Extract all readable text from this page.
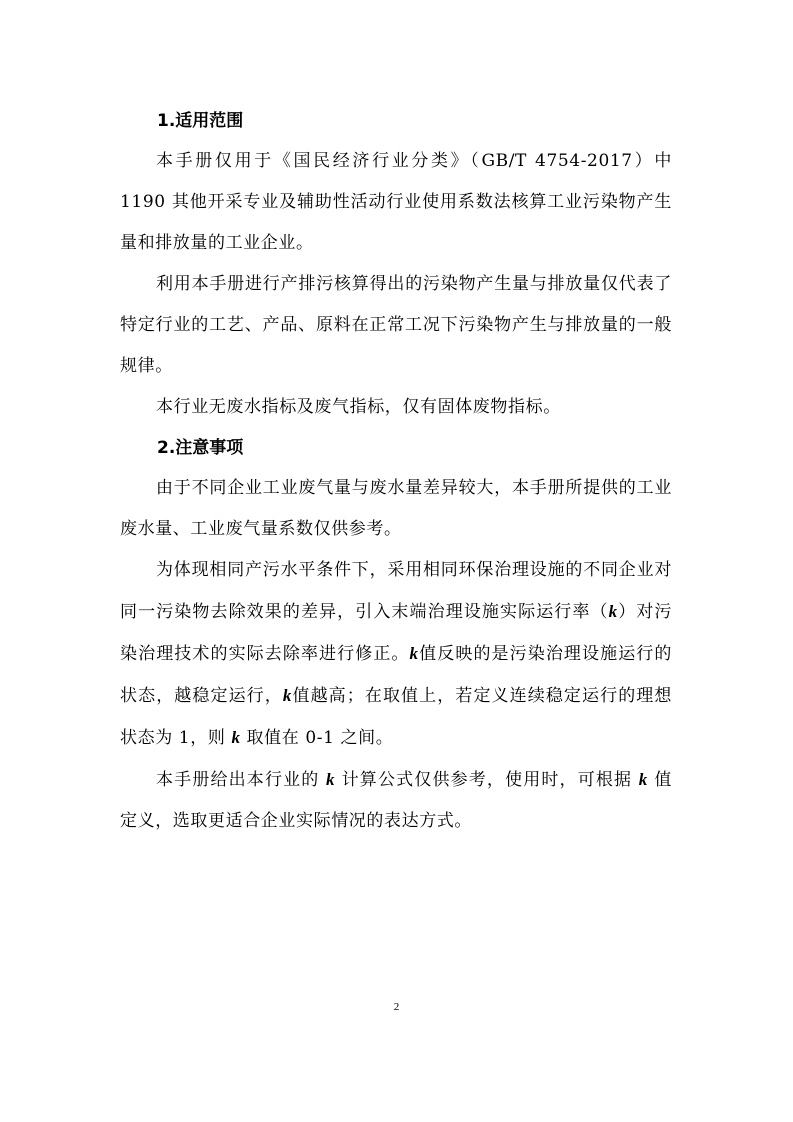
1.适用范围

本手册仅用于《国民经济行业分类》（GB/T 4754-2017）中 1190 其他开采专业及辅助性活动行业使用系数法核算工业污染物产生量和排放量的工业企业。

利用本手册进行产排污核算得出的污染物产生量与排放量仅代表了特定行业的工艺、产品、原料在正常工况下污染物产生与排放量的一般规律。

本行业无废水指标及废气指标，仅有固体废物指标。

2.注意事项

由于不同企业工业废气量与废水量差异较大，本手册所提供的工业废水量、工业废气量系数仅供参考。

为体现相同产污水平条件下，采用相同环保治理设施的不同企业对同一污染物去除效果的差异，引入末端治理设施实际运行率（k）对污染治理技术的实际去除率进行修正。k值反映的是污染治理设施运行的状态，越稳定运行，k值越高；在取值上，若定义连续稳定运行的理想状态为 1，则 k 取值在 0-1 之间。

本手册给出本行业的 k 计算公式仅供参考，使用时，可根据 k 值定义，选取更适合企业实际情况的表达方式。

2
